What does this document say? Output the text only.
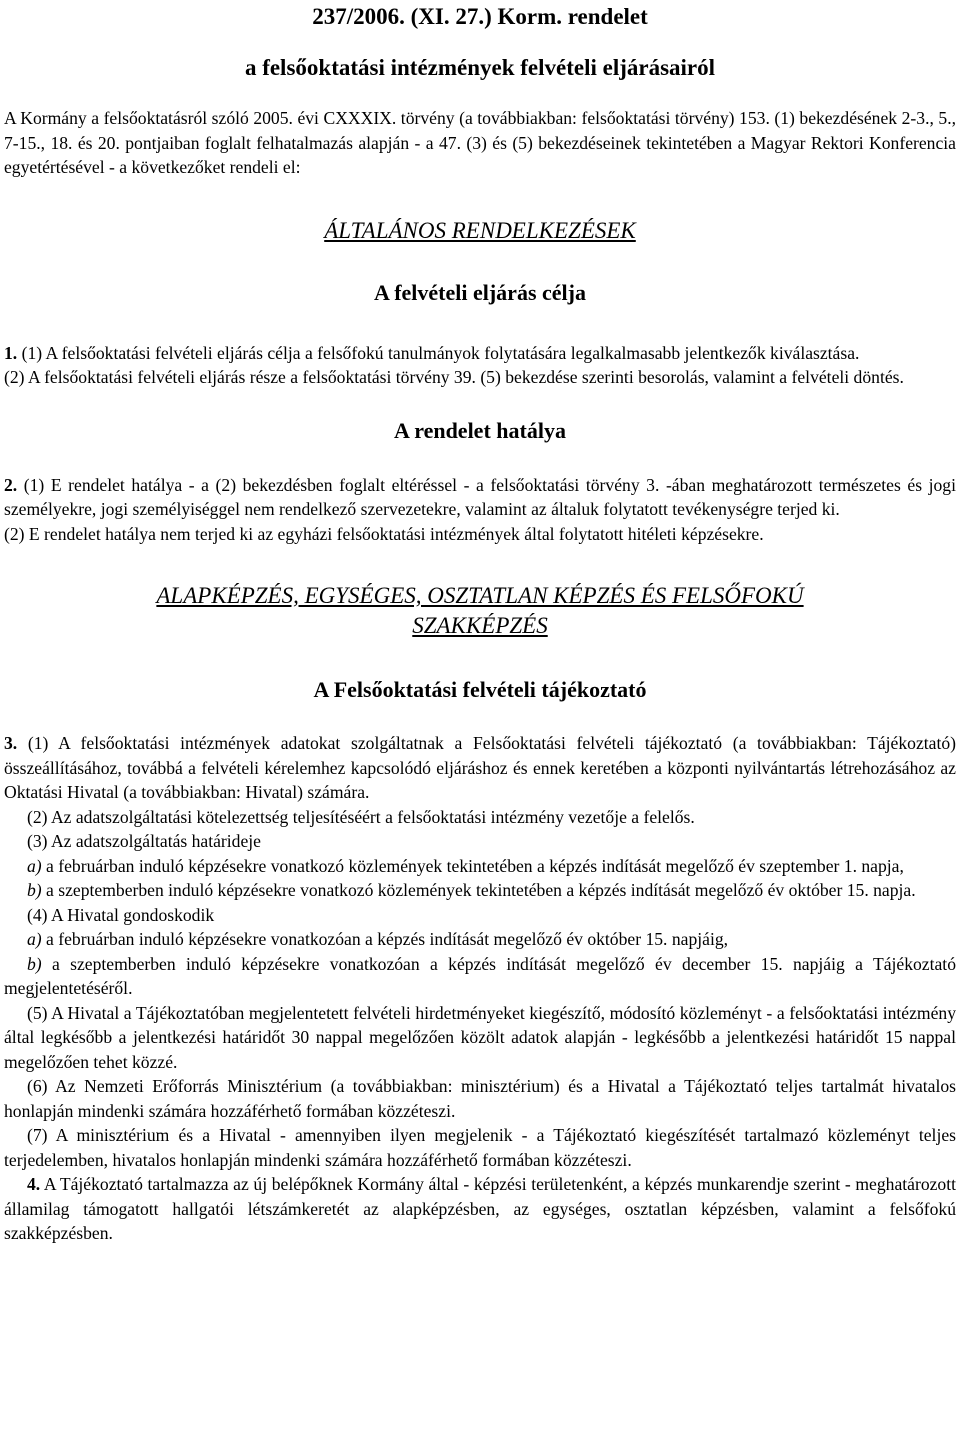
237/2006. (XI. 27.) Korm. rendelet
a felsőoktatási intézmények felvételi eljárásairól

A Kormány a felsőoktatásról szóló 2005. évi CXXXIX. törvény (a továbbiakban: felsőoktatási törvény) 153. (1) bekezdésének 2-3., 5., 7-15., 18. és 20. pontjaiban foglalt felhatalmazás alapján - a 47. (3) és (5) bekezdéseinek tekintetében a Magyar Rektori Konferencia egyetértésével - a következőket rendeli el:

ÁLTALÁNOS RENDELKEZÉSEK
A felvételi eljárás célja

1. (1) A felsőoktatási felvételi eljárás célja a felsőfokú tanulmányok folytatására legalkalmasabb jelentkezők kiválasztása.

(2) A felsőoktatási felvételi eljárás része a felsőoktatási törvény 39. (5) bekezdése szerinti besorolás, valamint a felvételi döntés.

A rendelet hatálya

2. (1) E rendelet hatálya - a (2) bekezdésben foglalt eltéréssel - a felsőoktatási törvény 3. -ában meghatározott természetes és jogi személyekre, jogi személyiséggel nem rendelkező szervezetekre, valamint az általuk folytatott tevékenységre terjed ki.

(2) E rendelet hatálya nem terjed ki az egyházi felsőoktatási intézmények által folytatott hitéleti képzésekre.

ALAPKÉPZÉS, EGYSÉGES, OSZTATLAN KÉPZÉS ÉS FELSŐFOKÚ
SZAKKÉPZÉS
A Felsőoktatási felvételi tájékoztató

3. (1) A felsőoktatási intézmények adatokat szolgáltatnak a Felsőoktatási felvételi tájékoztató (a továbbiakban: Tájékoztató) összeállításához, továbbá a felvételi kérelemhez kapcsolódó eljáráshoz és ennek keretében a központi nyilvántartás létrehozásához az Oktatási Hivatal (a továbbiakban: Hivatal) számára.

(2) Az adatszolgáltatási kötelezettség teljesítéséért a felsőoktatási intézmény vezetője a felelős.

(3) Az adatszolgáltatás határideje

a) a februárban induló képzésekre vonatkozó közlemények tekintetében a képzés indítását megelőző év szeptember 1. napja,

b) a szeptemberben induló képzésekre vonatkozó közlemények tekintetében a képzés indítását megelőző év október 15. napja.

(4) A Hivatal gondoskodik

a) a februárban induló képzésekre vonatkozóan a képzés indítását megelőző év október 15. napjáig,

b) a szeptemberben induló képzésekre vonatkozóan a képzés indítását megelőző év december 15. napjáig a Tájékoztató megjelentetéséről.

(5) A Hivatal a Tájékoztatóban megjelentetett felvételi hirdetményeket kiegészítő, módosító közleményt - a felsőoktatási intézmény által legkésőbb a jelentkezési határidőt 30 nappal megelőzően közölt adatok alapján - legkésőbb a jelentkezési határidőt 15 nappal megelőzően tehet közzé.

(6) Az Nemzeti Erőforrás Minisztérium (a továbbiakban: minisztérium) és a Hivatal a Tájékoztató teljes tartalmát hivatalos honlapján mindenki számára hozzáférhető formában közzéteszi.

(7) A minisztérium és a Hivatal - amennyiben ilyen megjelenik - a Tájékoztató kiegészítését tartalmazó közleményt teljes terjedelemben, hivatalos honlapján mindenki számára hozzáférhető formában közzéteszi.

4. A Tájékoztató tartalmazza az új belépőknek Kormány által - képzési területenként, a képzés munkarendje szerint - meghatározott államilag támogatott hallgatói létszámkeretét az alapképzésben, az egységes, osztatlan képzésben, valamint a felsőfokú szakképzésben.
